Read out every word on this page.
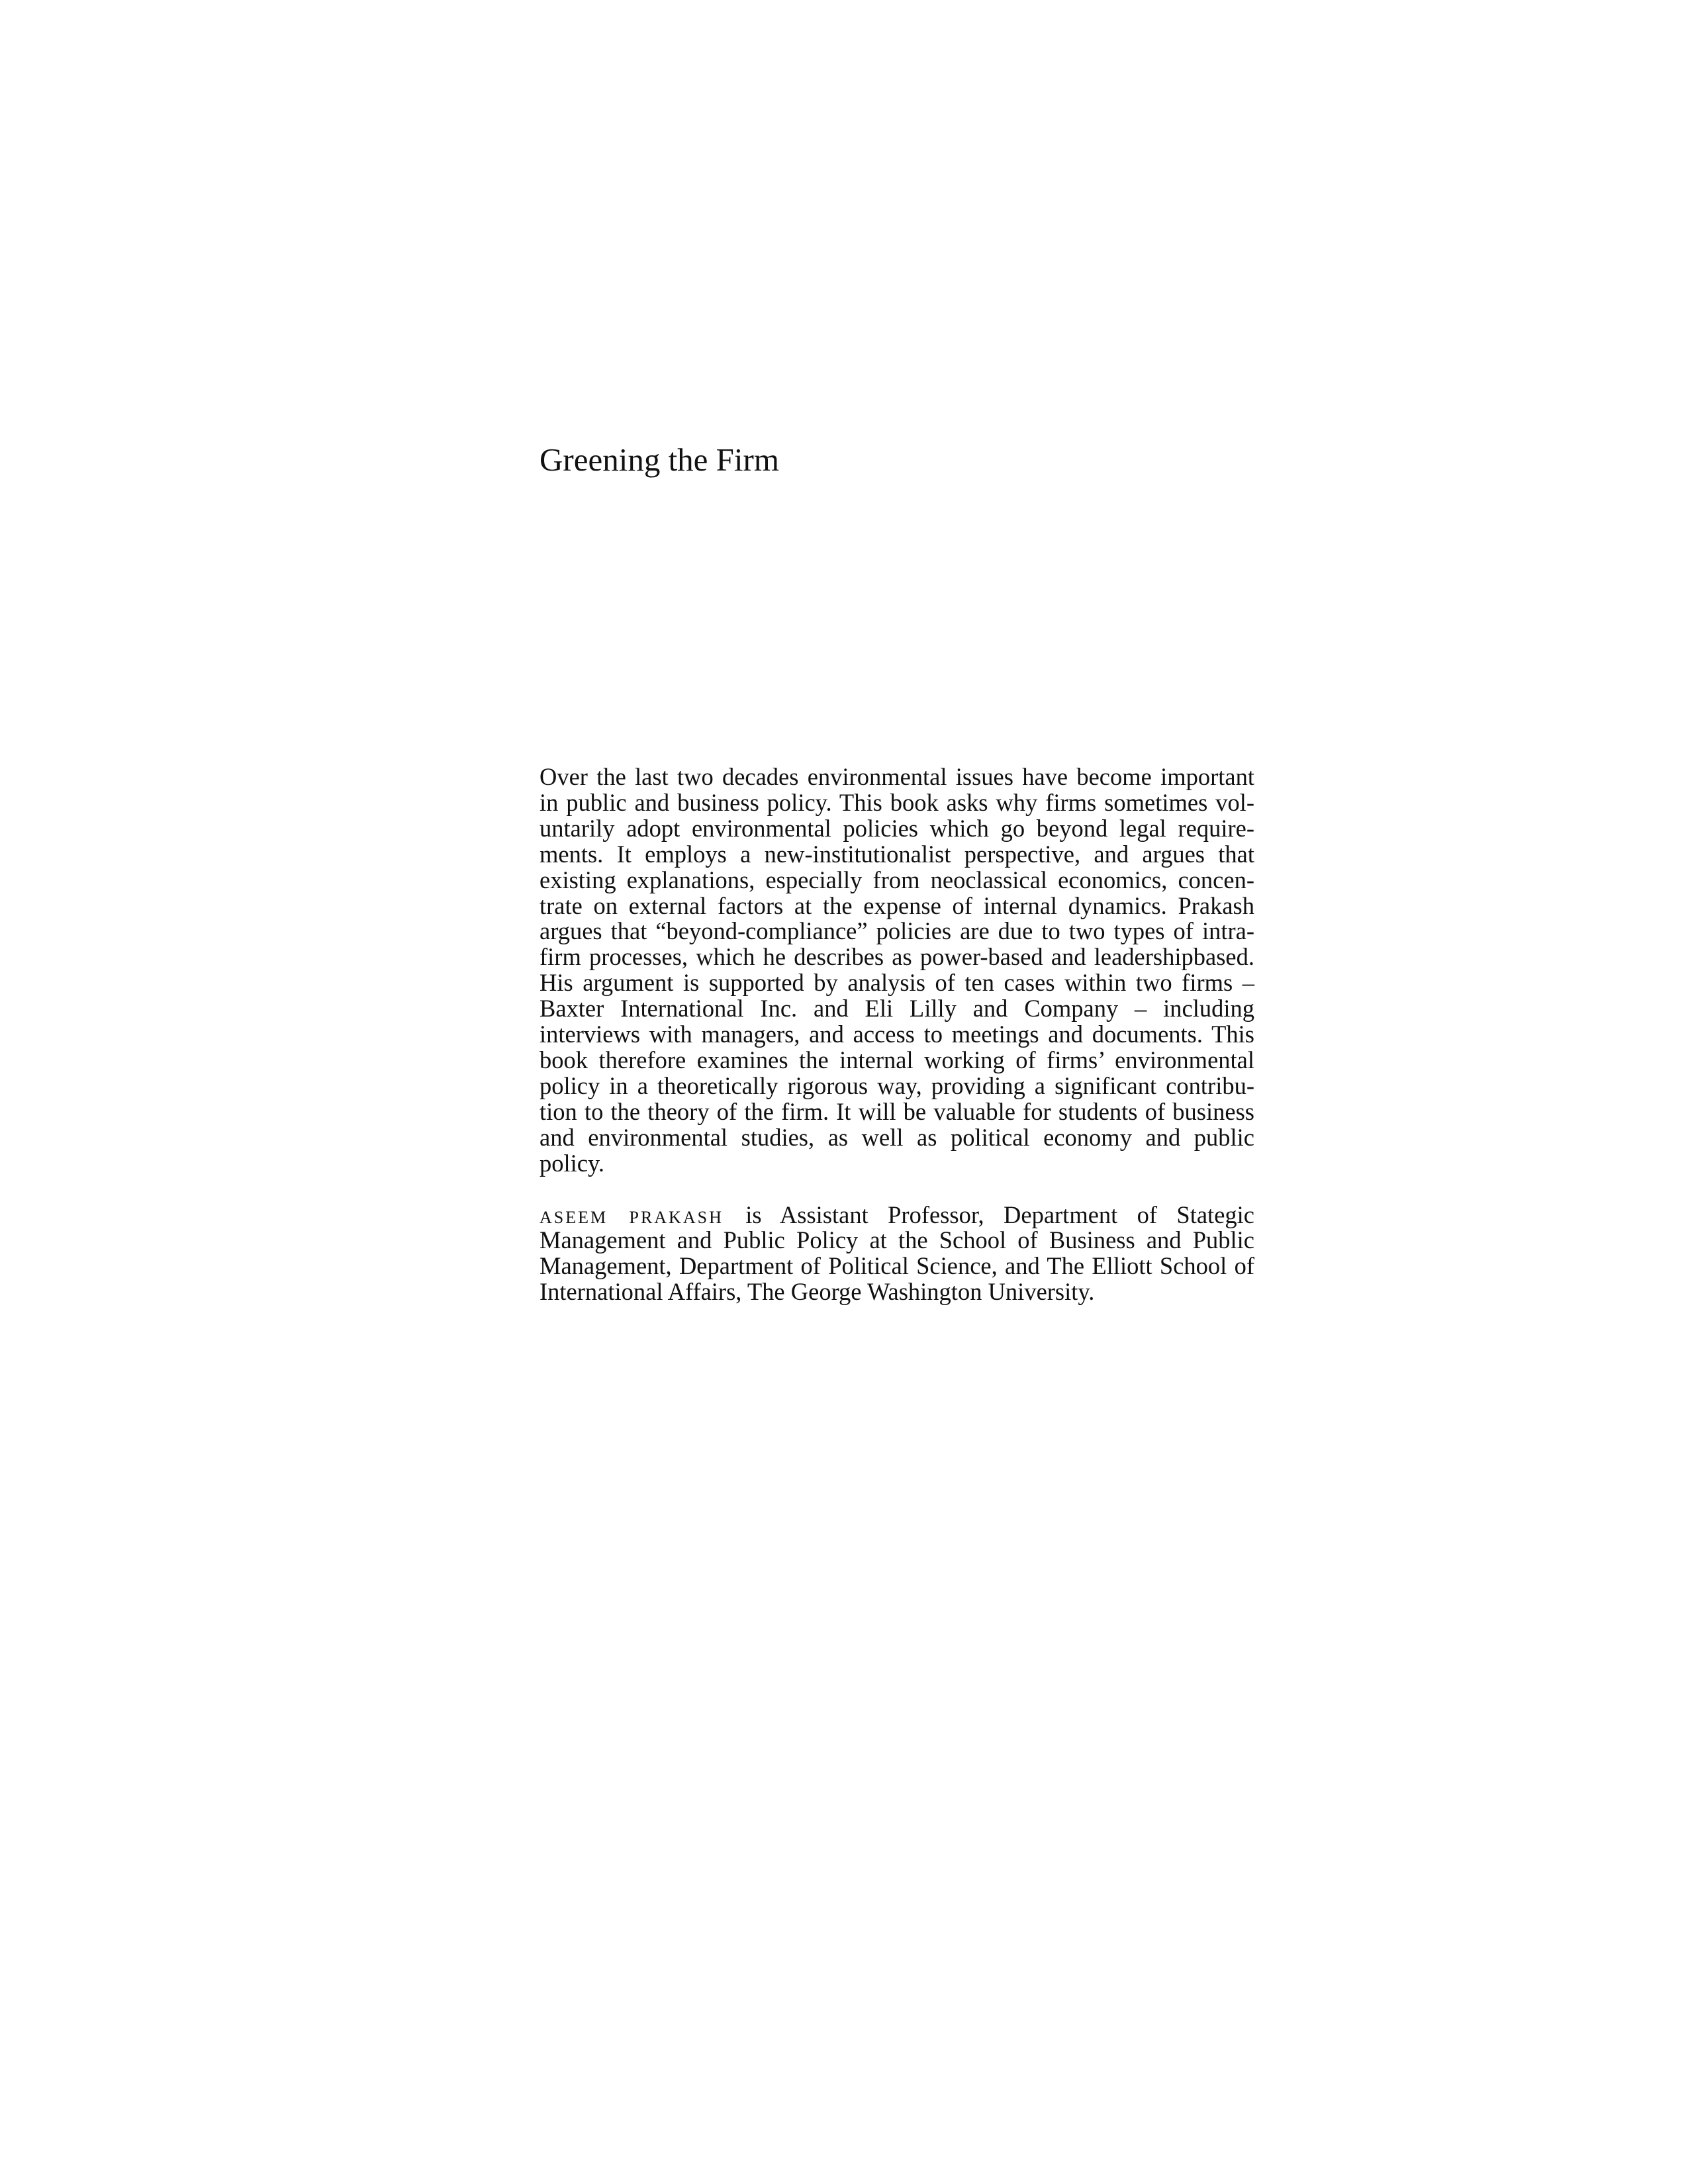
Greening the Firm

Over the last two decades environmental issues have become important in public and business policy. This book asks why firms sometimes voluntarily adopt environmental policies which go beyond legal requirements. It employs a new-institutionalist perspective, and argues that existing explanations, especially from neoclassical economics, concentrate on external factors at the expense of internal dynamics. Prakash argues that “beyond-compliance” policies are due to two types of intrafirm processes, which he describes as power-based and leadershipbased. His argument is supported by analysis of ten cases within two firms – Baxter International Inc. and Eli Lilly and Company – including interviews with managers, and access to meetings and documents. This book therefore examines the internal working of firms’ environmental policy in a theoretically rigorous way, providing a significant contribution to the theory of the firm. It will be valuable for students of business and environmental studies, as well as political economy and public policy.

aseem prakash is Assistant Professor, Department of Stategic Management and Public Policy at the School of Business and Public Management, Department of Political Science, and The Elliott School of International Affairs, The George Washington University.
